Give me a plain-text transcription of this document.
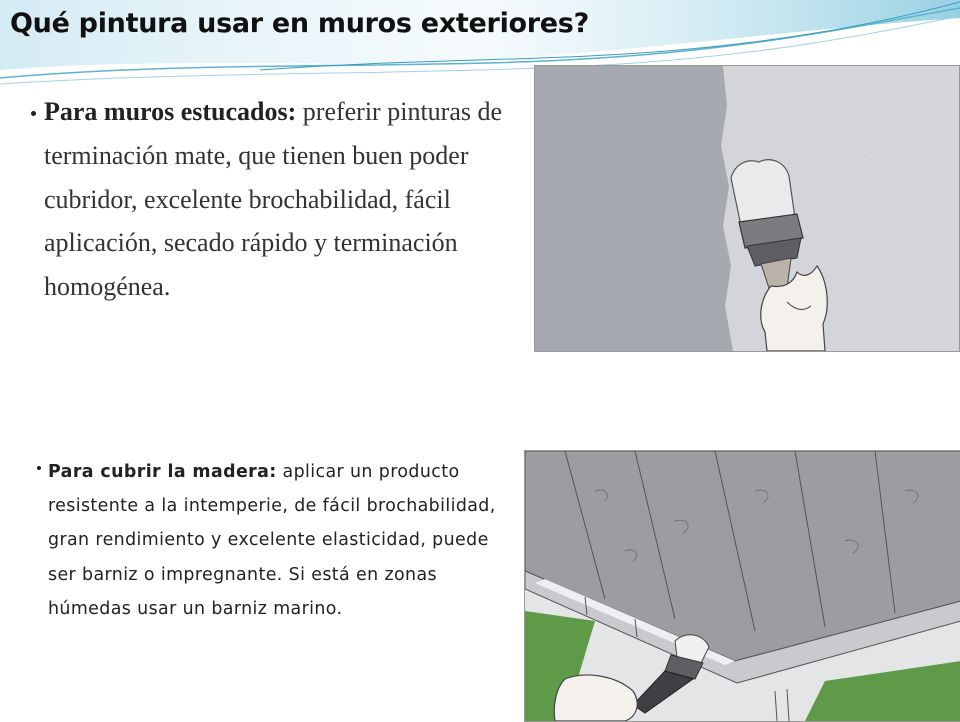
Qué pintura usar en muros exteriores?

Para muros estucados: preferir pinturas de terminación mate, que tienen buen poder cubridor, excelente brochabilidad, fácil aplicación, secado rápido y terminación homogénea.

Para cubrir la madera: aplicar un producto resistente a la intemperie, de fácil brochabilidad, gran rendimiento y excelente elasticidad, puede ser barniz o impregnante. Si está en zonas húmedas usar un barniz marino.
